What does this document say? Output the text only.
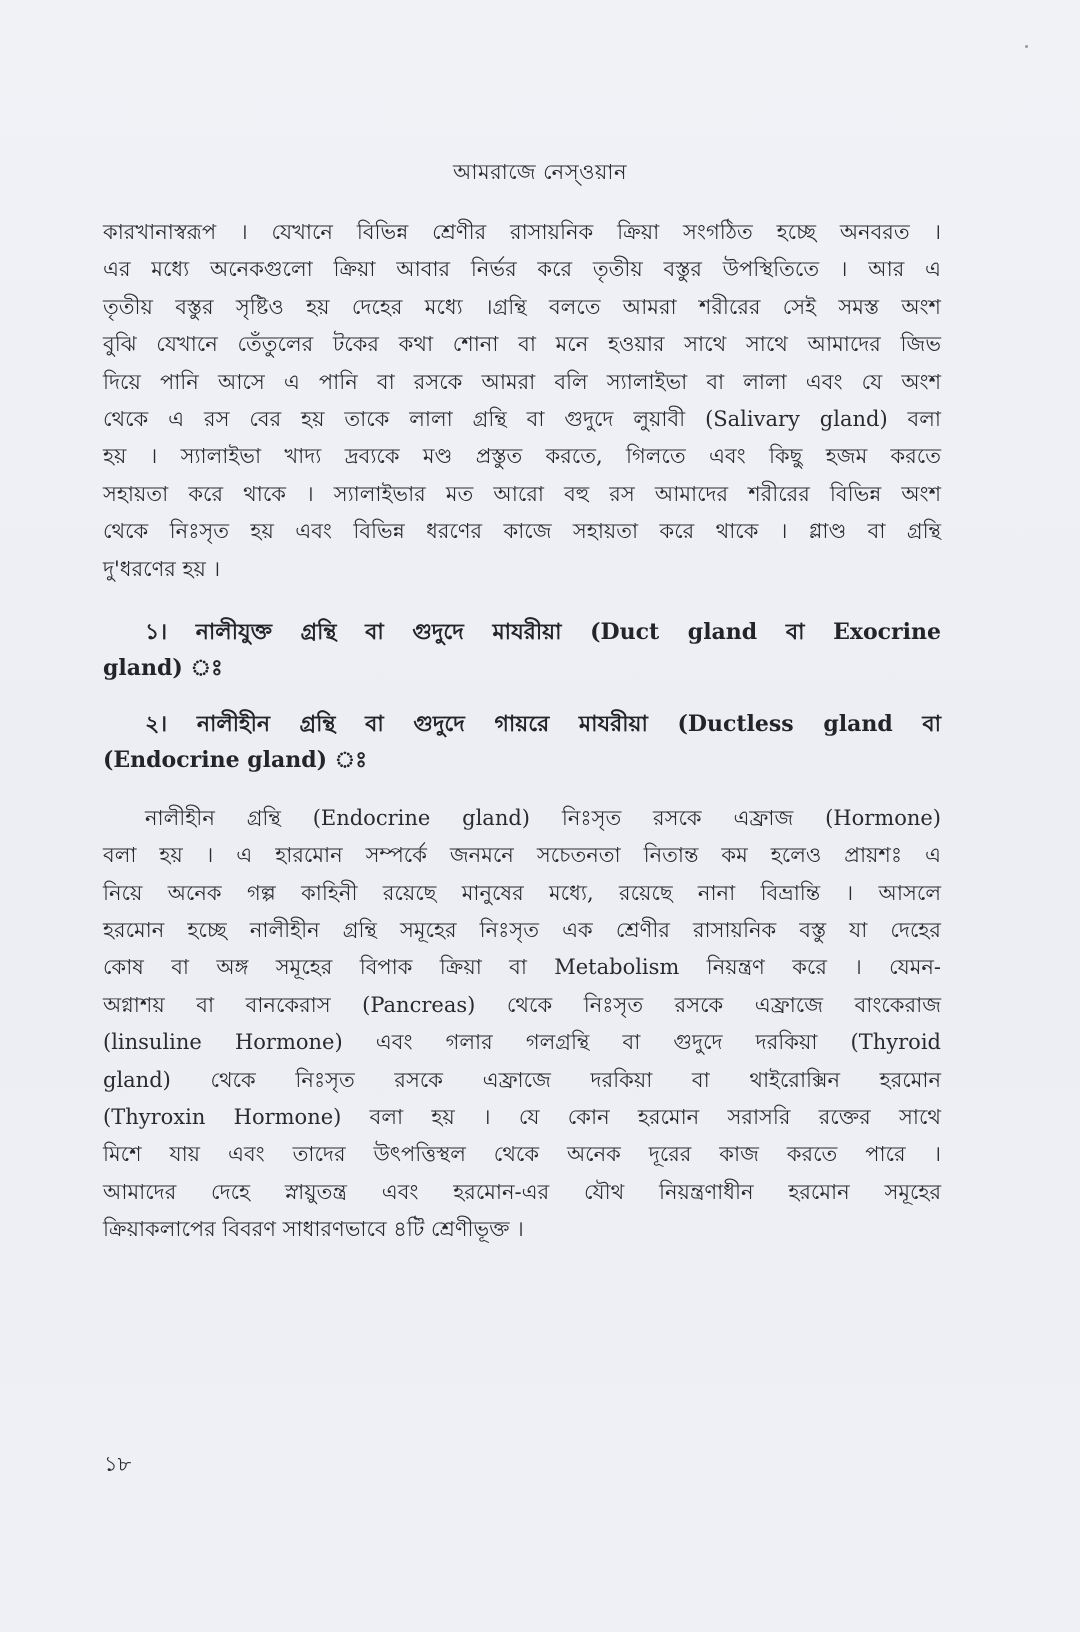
আমরাজে নেস্ওয়ান
কারখানাস্বরূপ । যেখানে বিভিন্ন শ্রেণীর রাসায়নিক ক্রিয়া সংগঠিত হচ্ছে অনবরত ।
এর মধ্যে অনেকগুলো ক্রিয়া আবার নির্ভর করে তৃতীয় বস্তুর উপস্থিতিতে । আর এ
তৃতীয় বস্তুর সৃষ্টিও হয় দেহের মধ্যে ।গ্রন্থি বলতে আমরা শরীরের সেই সমস্ত অংশ
বুঝি যেখানে তেঁতুলের টকের কথা শোনা বা মনে হওয়ার সাথে সাথে আমাদের জিভ
দিয়ে পানি আসে এ পানি বা রসকে আমরা বলি স্যালাইভা বা লালা এবং যে অংশ
থেকে এ রস বের হয় তাকে লালা গ্রন্থি বা গুদুদে লুয়াবী (Salivary gland) বলা
হয় । স্যালাইভা খাদ্য দ্রব্যকে মণ্ড প্রস্তুত করতে, গিলতে এবং কিছু হজম করতে
সহায়তা করে থাকে । স্যালাইভার মত আরো বহু রস আমাদের শরীরের বিভিন্ন অংশ
থেকে নিঃসৃত হয় এবং বিভিন্ন ধরণের কাজে সহায়তা করে থাকে । গ্লাণ্ড বা গ্রন্থি
দু'ধরণের হয় ।
১। নালীযুক্ত গ্রন্থি বা গুদুদে মাযরীয়া (Duct gland বা Exocrine
gland) ঃ
২। নালীহীন গ্রন্থি বা গুদুদে গায়রে মাযরীয়া (Ductless gland বা
(Endocrine gland) ঃ
নালীহীন গ্রন্থি (Endocrine gland) নিঃসৃত রসকে এফ্রাজ (Hormone)
বলা হয় । এ হারমোন সম্পর্কে জনমনে সচেতনতা নিতান্ত কম হলেও প্রায়শঃ এ
নিয়ে অনেক গল্প কাহিনী রয়েছে মানুষের মধ্যে, রয়েছে নানা বিভ্রান্তি । আসলে
হরমোন হচ্ছে নালীহীন গ্রন্থি সমূহের নিঃসৃত এক শ্রেণীর রাসায়নিক বস্তু যা দেহের
কোষ বা অঙ্গ সমূহের বিপাক ক্রিয়া বা Metabolism নিয়ন্ত্রণ করে । যেমন-
অগ্নাশয় বা বানকেরাস (Pancreas) থেকে নিঃসৃত রসকে এফ্রাজে বাংকেরাজ
(linsuline Hormone) এবং গলার গলগ্রন্থি বা গুদুদে দরকিয়া (Thyroid
gland) থেকে নিঃসৃত রসকে এফ্রাজে দরকিয়া বা থাইরোক্সিন হরমোন
(Thyroxin Hormone) বলা হয় । যে কোন হরমোন সরাসরি রক্তের সাথে
মিশে যায় এবং তাদের উৎপত্তিস্থল থেকে অনেক দূরের কাজ করতে পারে ।
আমাদের দেহে স্নায়ুতন্ত্র এবং হরমোন-এর যৌথ নিয়ন্ত্রণাধীন হরমোন সমূহের
ক্রিয়াকলাপের বিবরণ সাধারণভাবে ৪টি শ্রেণীভূক্ত ।
১৮
